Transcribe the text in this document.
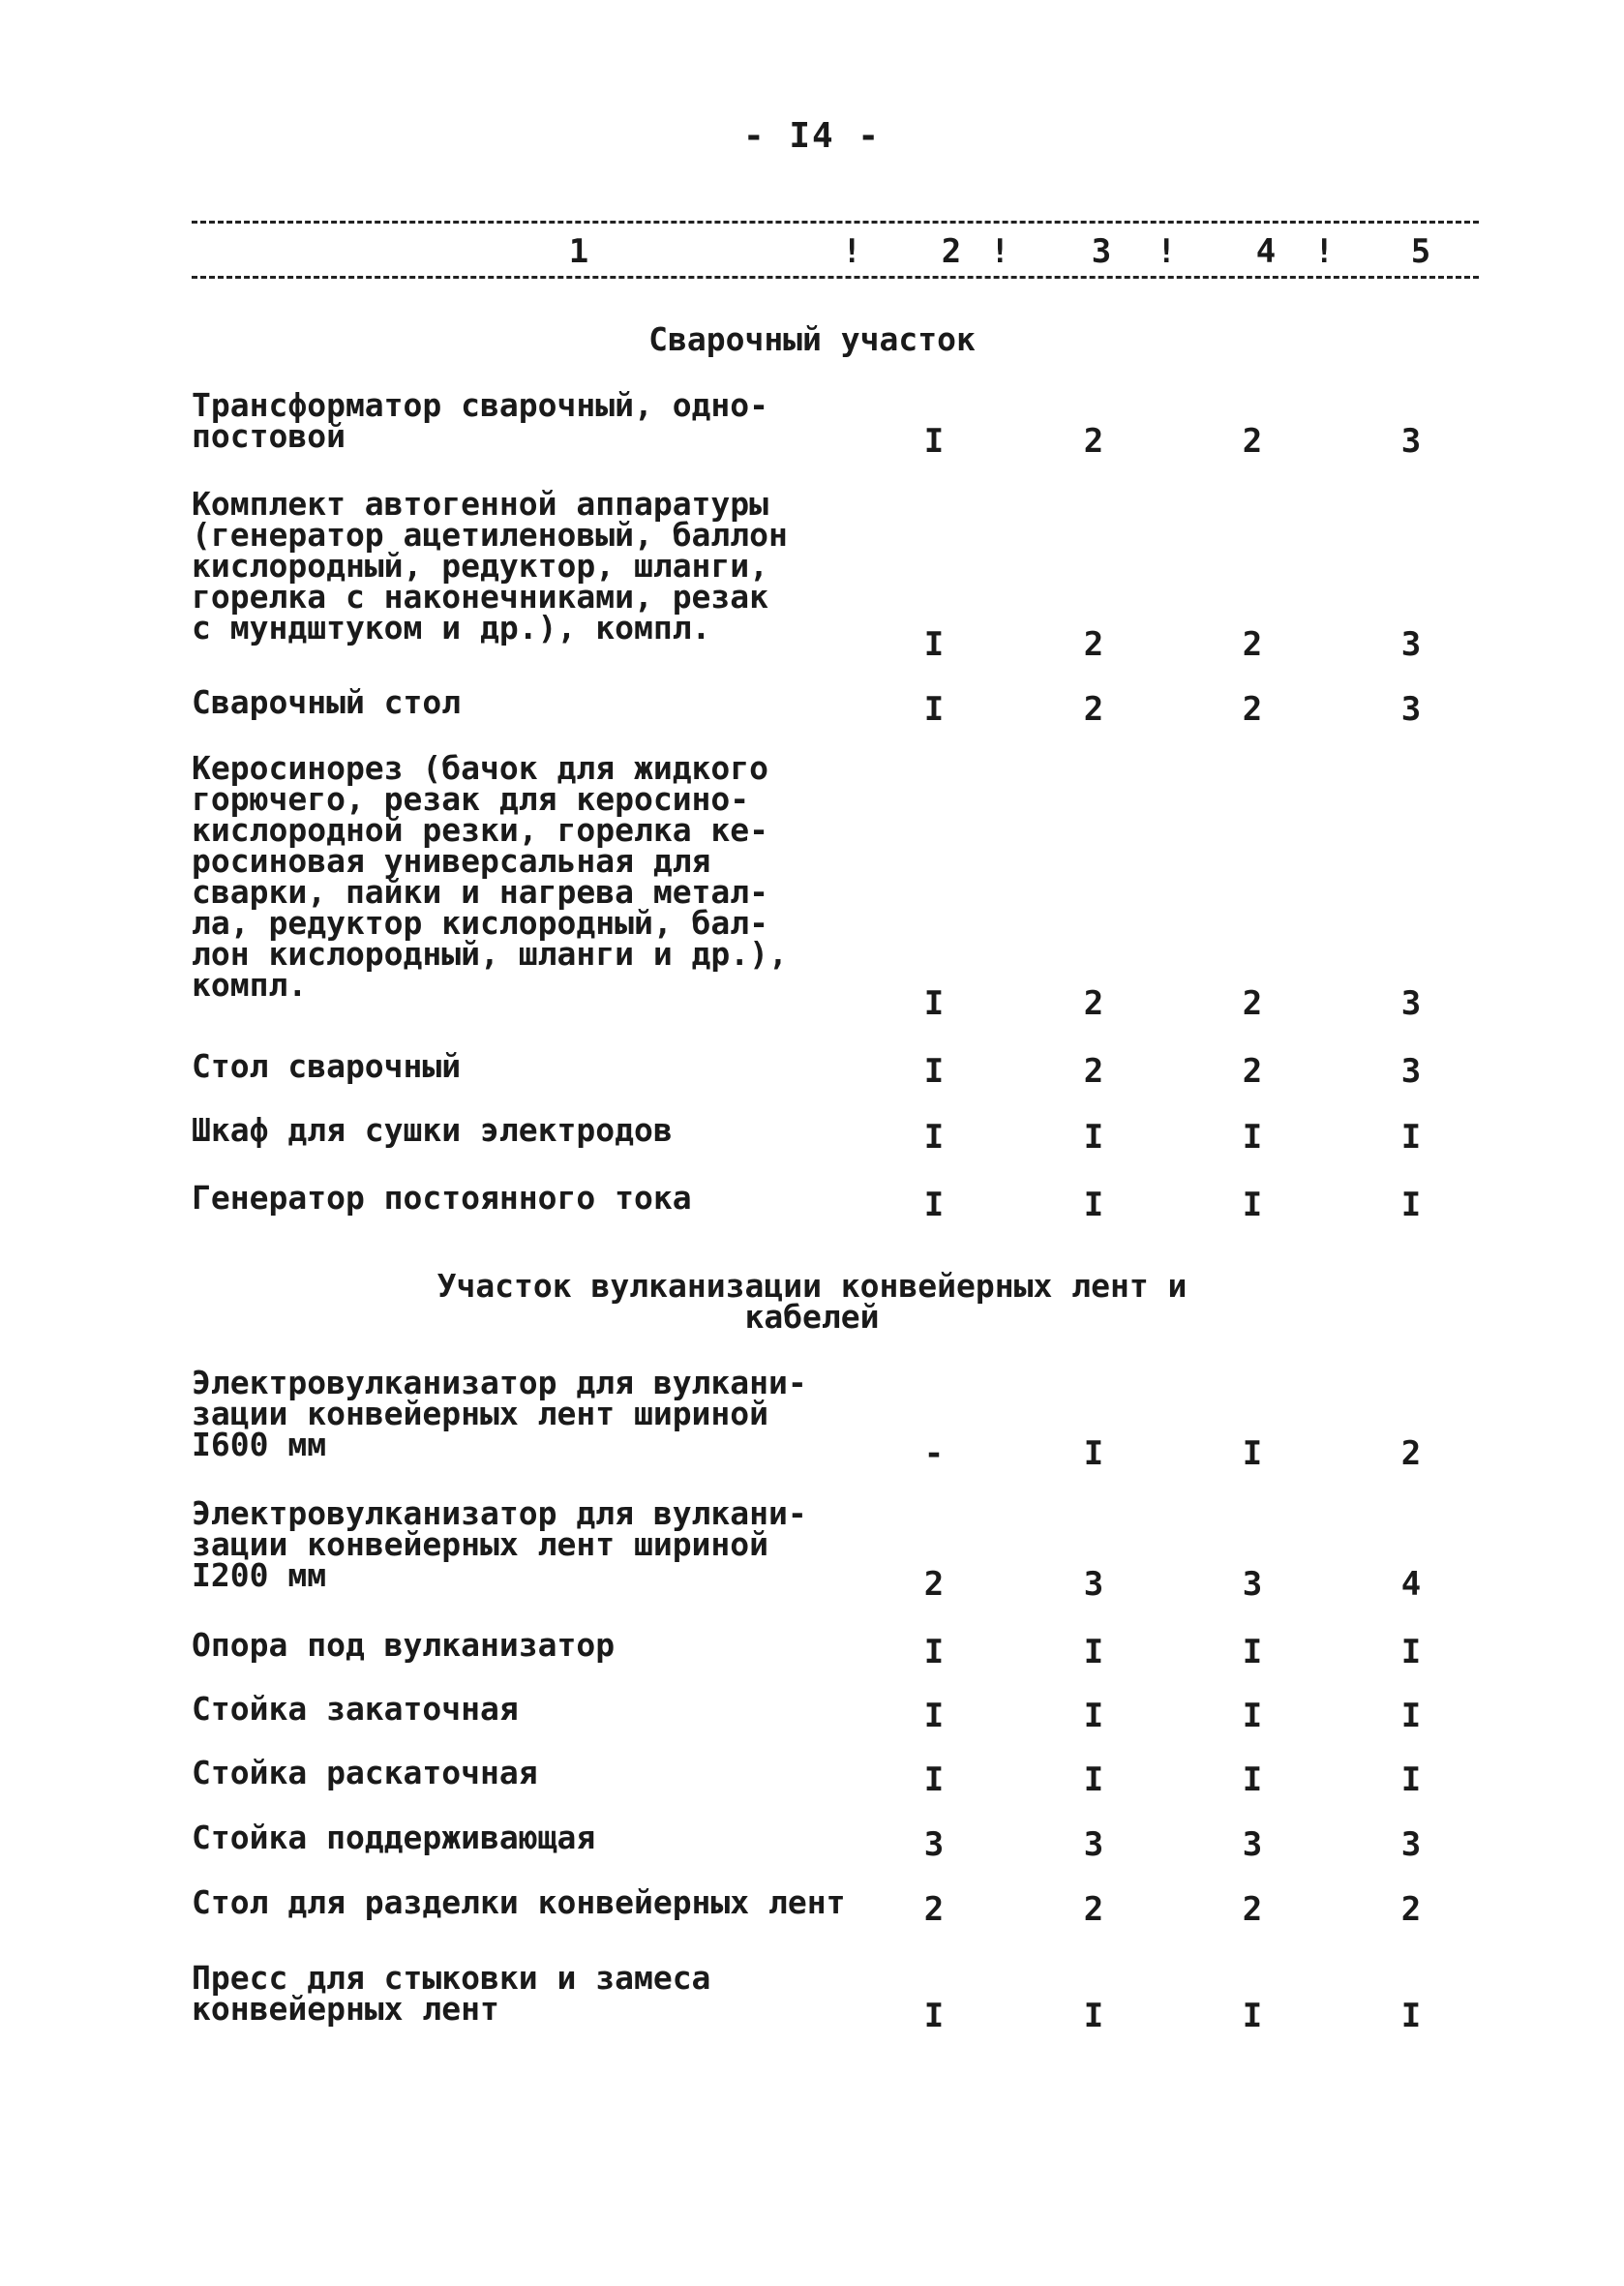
- I4 -
1	!	2 !	3	!	4	!	5
Сварочный участок
Трансформатор сварочный, одно-
постовой	I	2	2	3
Комплект автогенной аппаратуры
(генератор ацетиленовый, баллон
кислородный, редуктор, шланги,
горелка с наконечниками, резак
с мундштуком и др.), компл.	I	2	2	3
Сварочный стол	I	2	2	3
Керосинорез (бачок для жидкого
горючего, резак для керосино-
кислородной резки, горелка ке-
росиновая универсальная для
сварки, пайки и нагрева метал-
ла, редуктор кислородный, бал-
лон кислородный, шланги и др.),
компл.	I	2	2	3
Стол сварочный	I	2	2	3
Шкаф для сушки электродов	I	I	I	I
Генератор постоянного тока	I	I	I	I
Участок вулканизации конвейерных лент и
кабелей
Электровулканизатор для вулкани-
зации конвейерных лент шириной
I600 мм	-	I	I	2
Электровулканизатор для вулкани-
зации конвейерных лент шириной
I200 мм	2	3	3	4
Опора под вулканизатор	I	I	I	I
Стойка закаточная	I	I	I	I
Стойка раскаточная	I	I	I	I
Стойка поддерживающая	3	3	3	3
Стол для разделки конвейерных лент	2	2	2	2
Пресс для стыковки и замеса
конвейерных лент	I	I	I	I
